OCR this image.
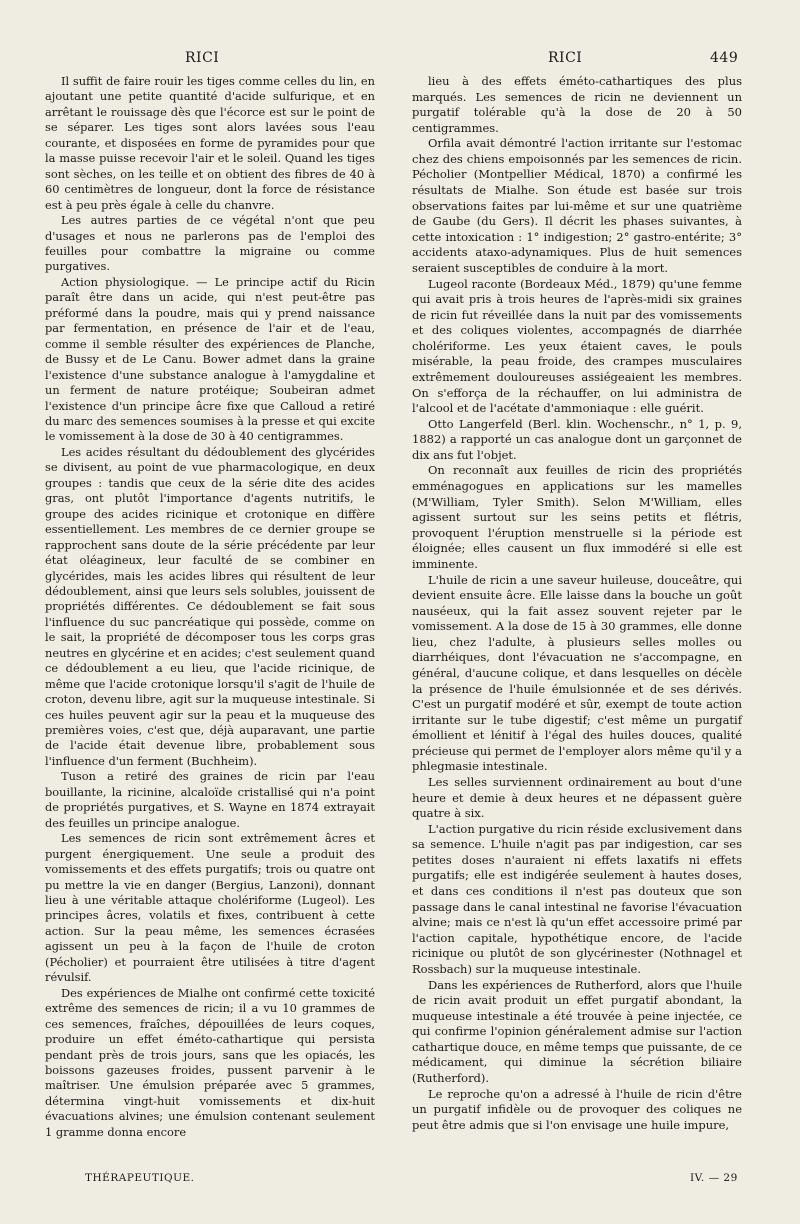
RICI	RICI	449

Il suffit de faire rouir les tiges comme celles du lin, en ajoutant une petite quantité d'acide sulfurique, et en arrêtant le rouissage dès que l'écorce est sur le point de se séparer. Les tiges sont alors lavées sous l'eau courante, et disposées en forme de pyramides pour que la masse puisse recevoir l'air et le soleil. Quand les tiges sont sèches, on les teille et on obtient des fibres de 40 à 60 centimètres de longueur, dont la force de résistance est à peu près égale à celle du chanvre.

Les autres parties de ce végétal n'ont que peu d'usages et nous ne parlerons pas de l'emploi des feuilles pour combattre la migraine ou comme purgatives.

Action physiologique. — Le principe actif du Ricin paraît être dans un acide, qui n'est peut-être pas préformé dans la poudre, mais qui y prend naissance par fermentation, en présence de l'air et de l'eau, comme il semble résulter des expériences de Planche, de Bussy et de Le Canu. Bower admet dans la graine l'existence d'une substance analogue à l'amygdaline et un ferment de nature protéique; Soubeiran admet l'existence d'un principe âcre fixe que Calloud a retiré du marc des semences soumises à la presse et qui excite le vomissement à la dose de 30 à 40 centigrammes.

Les acides résultant du dédoublement des glycérides se divisent, au point de vue pharmacologique, en deux groupes : tandis que ceux de la série dite des acides gras, ont plutôt l'importance d'agents nutritifs, le groupe des acides ricinique et crotonique en diffère essentiellement. Les membres de ce dernier groupe se rapprochent sans doute de la série précédente par leur état oléagineux, leur faculté de se combiner en glycérides, mais les acides libres qui résultent de leur dédoublement, ainsi que leurs sels solubles, jouissent de propriétés différentes. Ce dédoublement se fait sous l'influence du suc pancréatique qui possède, comme on le sait, la propriété de décomposer tous les corps gras neutres en glycérine et en acides; c'est seulement quand ce dédoublement a eu lieu, que l'acide ricinique, de même que l'acide crotonique lorsqu'il s'agit de l'huile de croton, devenu libre, agit sur la muqueuse intestinale. Si ces huiles peuvent agir sur la peau et la muqueuse des premières voies, c'est que, déjà auparavant, une partie de l'acide était devenue libre, probablement sous l'influence d'un ferment (Buchheim).

Tuson a retiré des graines de ricin par l'eau bouillante, la ricinine, alcaloïde cristallisé qui n'a point de propriétés purgatives, et S. Wayne en 1874 extrayait des feuilles un principe analogue.

Les semences de ricin sont extrêmement âcres et purgent énergiquement. Une seule a produit des vomissements et des effets purgatifs; trois ou quatre ont pu mettre la vie en danger (Bergius, Lanzoni), donnant lieu à une véritable attaque cholériforme (Lugeol). Les principes âcres, volatils et fixes, contribuent à cette action. Sur la peau même, les semences écrasées agissent un peu à la façon de l'huile de croton (Pécholier) et pourraient être utilisées à titre d'agent révulsif.

Des expériences de Mialhe ont confirmé cette toxicité extrême des semences de ricin; il a vu 10 grammes de ces semences, fraîches, dépouillées de leurs coques, produire un effet éméto-cathartique qui persista pendant près de trois jours, sans que les opiacés, les boissons gazeuses froides, pussent parvenir à le maîtriser. Une émulsion préparée avec 5 grammes, détermina vingt-huit vomissements et dix-huit évacuations alvines; une émulsion contenant seulement 1 gramme donna encore

lieu à des effets éméto-cathartiques des plus marqués. Les semences de ricin ne deviennent un purgatif tolérable qu'à la dose de 20 à 50 centigrammes.

Orfila avait démontré l'action irritante sur l'estomac chez des chiens empoisonnés par les semences de ricin. Pécholier (Montpellier Médical, 1870) a confirmé les résultats de Mialhe. Son étude est basée sur trois observations faites par lui-même et sur une quatrième de Gaube (du Gers). Il décrit les phases suivantes, à cette intoxication : 1° indigestion; 2° gastro-entérite; 3° accidents ataxo-adynamiques. Plus de huit semences seraient susceptibles de conduire à la mort.

Lugeol raconte (Bordeaux Méd., 1879) qu'une femme qui avait pris à trois heures de l'après-midi six graines de ricin fut réveillée dans la nuit par des vomissements et des coliques violentes, accompagnés de diarrhée cholériforme. Les yeux étaient caves, le pouls misérable, la peau froide, des crampes musculaires extrêmement douloureuses assiégeaient les membres. On s'efforça de la réchauffer, on lui administra de l'alcool et de l'acétate d'ammoniaque : elle guérit.

Otto Langerfeld (Berl. klin. Wochenschr., n° 1, p. 9, 1882) a rapporté un cas analogue dont un garçonnet de dix ans fut l'objet.

On reconnaît aux feuilles de ricin des propriétés emménagogues en applications sur les mamelles (M'William, Tyler Smith). Selon M'William, elles agissent surtout sur les seins petits et flétris, provoquent l'éruption menstruelle si la période est éloignée; elles causent un flux immodéré si elle est imminente.

L'huile de ricin a une saveur huileuse, douceâtre, qui devient ensuite âcre. Elle laisse dans la bouche un goût nauséeux, qui la fait assez souvent rejeter par le vomissement. A la dose de 15 à 30 grammes, elle donne lieu, chez l'adulte, à plusieurs selles molles ou diarrhéiques, dont l'évacuation ne s'accompagne, en général, d'aucune colique, et dans lesquelles on décèle la présence de l'huile émulsionnée et de ses dérivés. C'est un purgatif modéré et sûr, exempt de toute action irritante sur le tube digestif; c'est même un purgatif émollient et lénitif à l'égal des huiles douces, qualité précieuse qui permet de l'employer alors même qu'il y a phlegmasie intestinale.

Les selles surviennent ordinairement au bout d'une heure et demie à deux heures et ne dépassent guère quatre à six.

L'action purgative du ricin réside exclusivement dans sa semence. L'huile n'agit pas par indigestion, car ses petites doses n'auraient ni effets laxatifs ni effets purgatifs; elle est indigérée seulement à hautes doses, et dans ces conditions il n'est pas douteux que son passage dans le canal intestinal ne favorise l'évacuation alvine; mais ce n'est là qu'un effet accessoire primé par l'action capitale, hypothétique encore, de l'acide ricinique ou plutôt de son glycérinester (Nothnagel et Rossbach) sur la muqueuse intestinale.

Dans les expériences de Rutherford, alors que l'huile de ricin avait produit un effet purgatif abondant, la muqueuse intestinale a été trouvée à peine injectée, ce qui confirme l'opinion généralement admise sur l'action cathartique douce, en même temps que puissante, de ce médicament, qui diminue la sécrétion biliaire (Rutherford).

Le reproche qu'on a adressé à l'huile de ricin d'être un purgatif infidèle ou de provoquer des coliques ne peut être admis que si l'on envisage une huile impure,

THÉRAPEUTIQUE.	IV. — 29
